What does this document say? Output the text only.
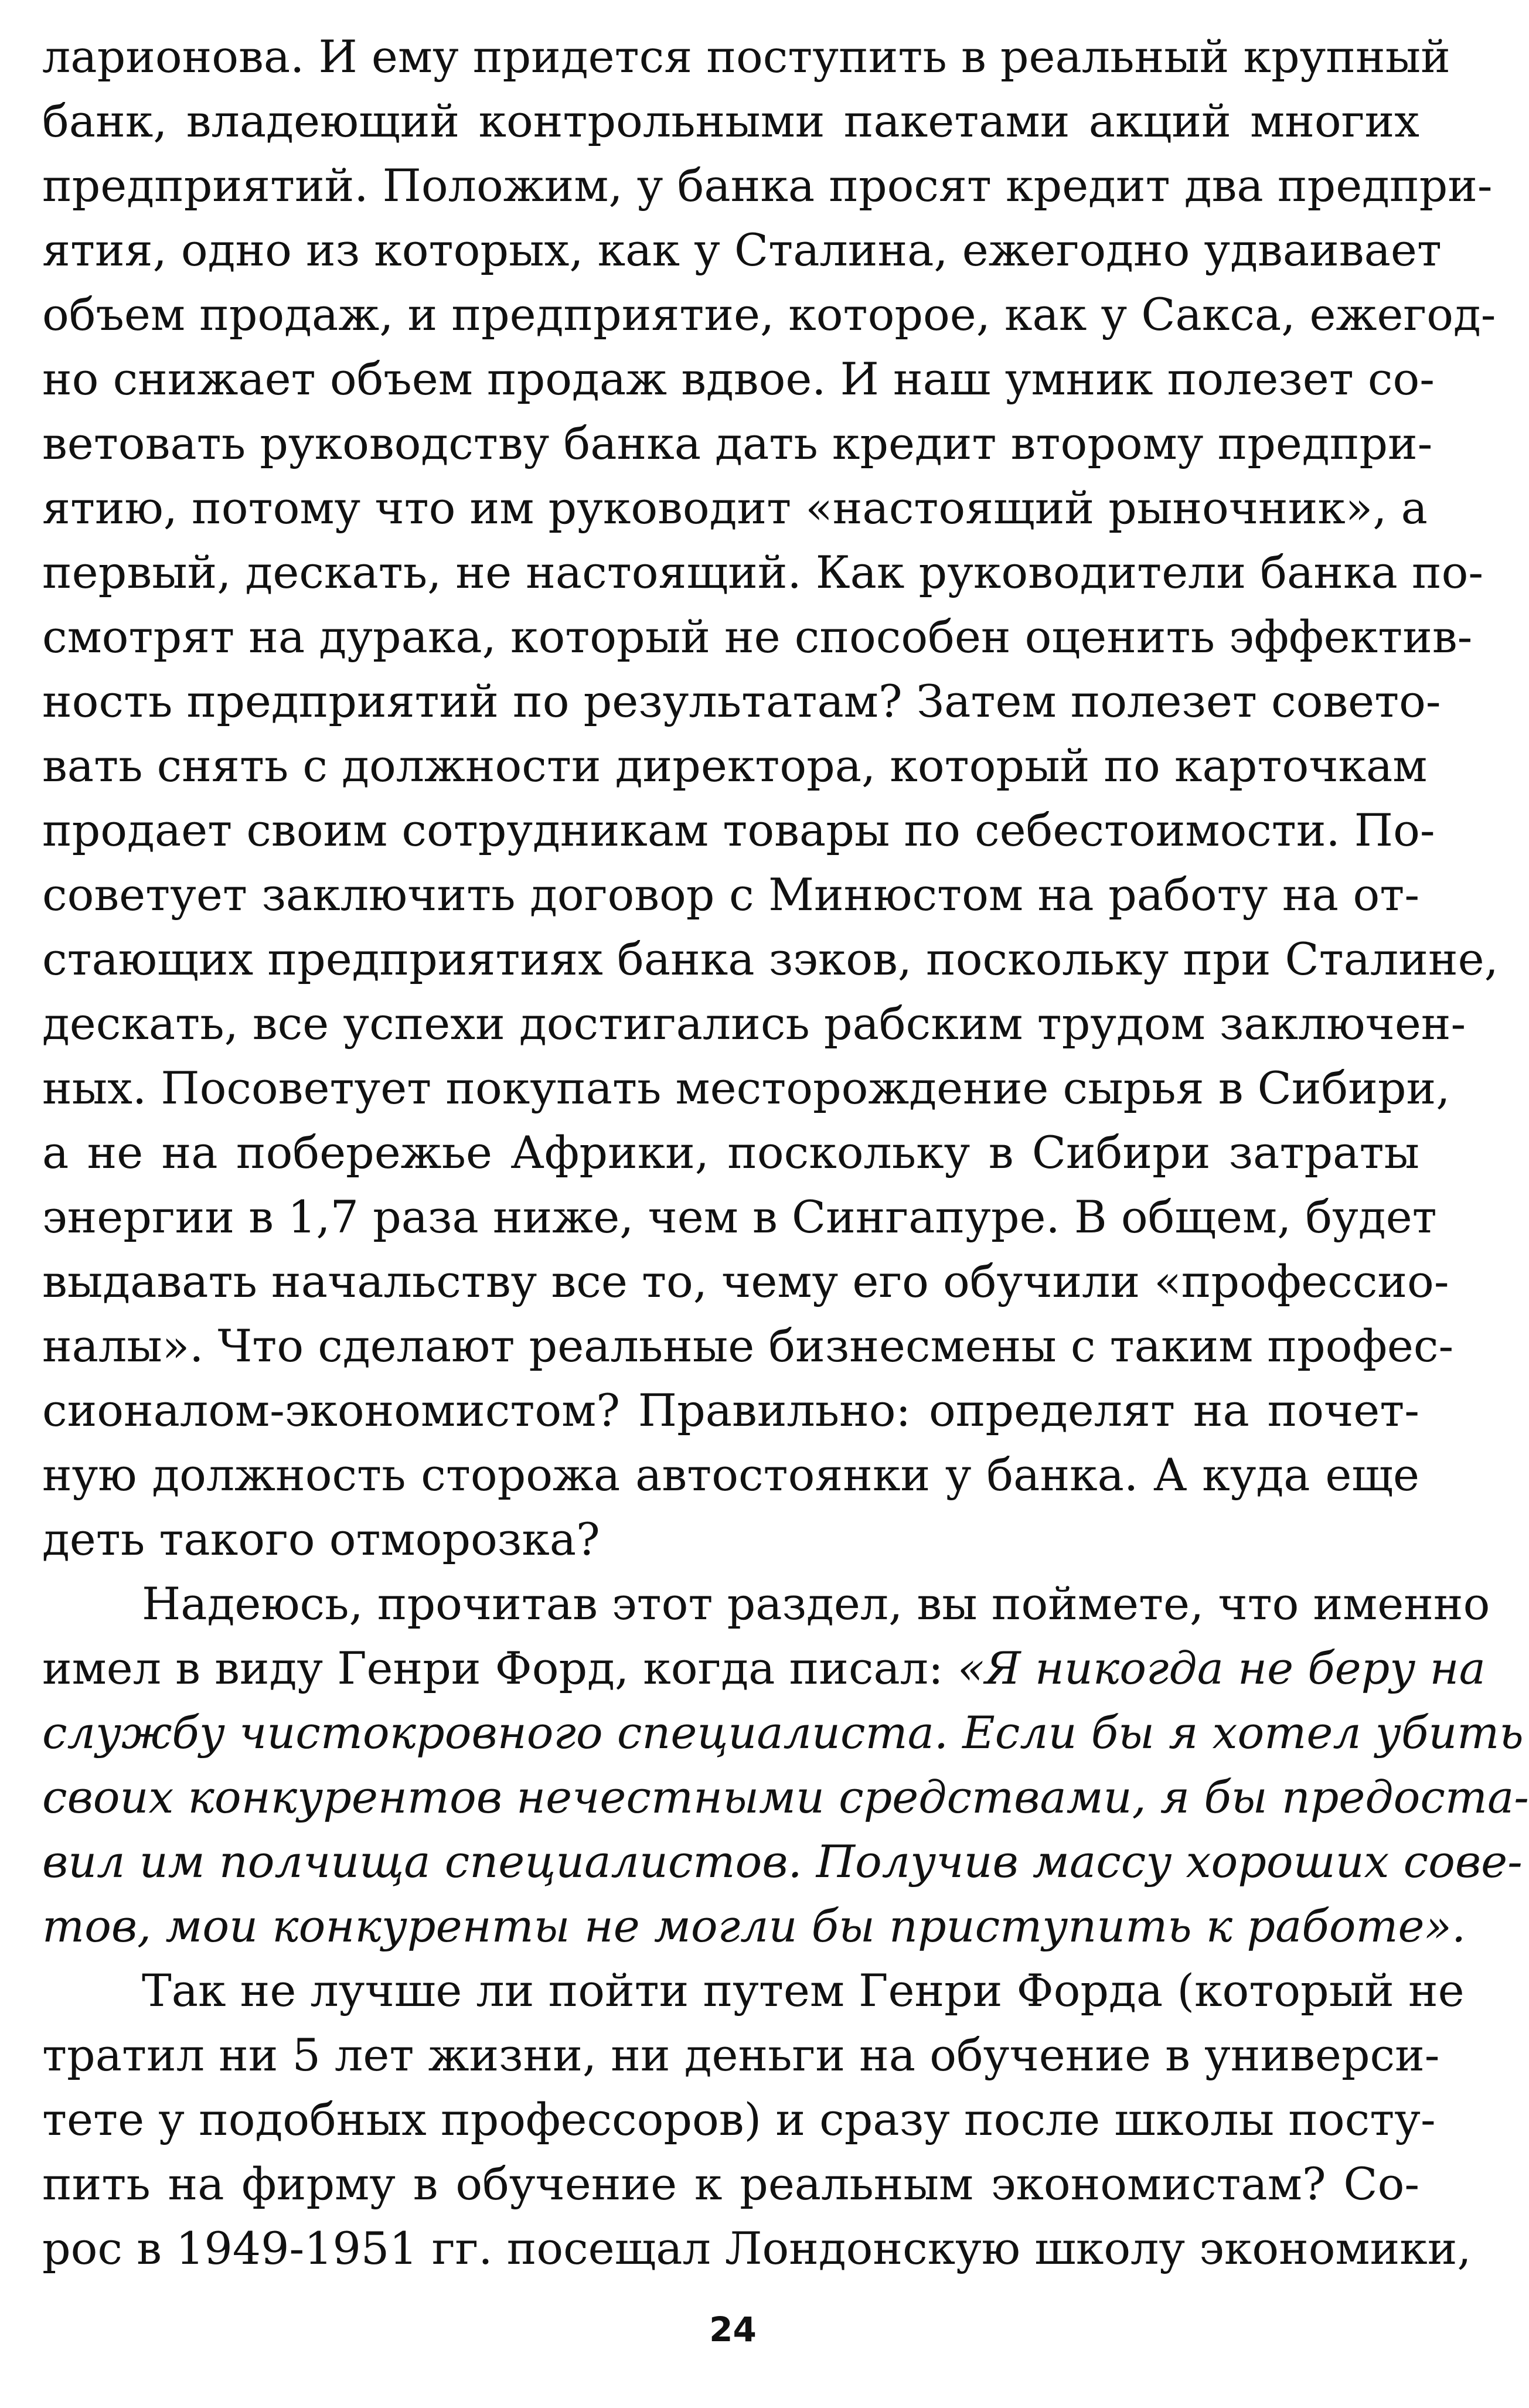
ларионова. И ему придется поступить в реальный крупный
банк, владеющий контрольными пакетами акций многих
предприятий. Положим, у банка просят кредит два предпри-
ятия, одно из которых, как у Сталина, ежегодно удваивает
объем продаж, и предприятие, которое, как у Сакса, ежегод-
но снижает объем продаж вдвое. И наш умник полезет со-
ветовать руководству банка дать кредит второму предпри-
ятию, потому что им руководит «настоящий рыночник», а
первый, дескать, не настоящий. Как руководители банка по-
смотрят на дурака, который не способен оценить эффектив-
ность предприятий по результатам? Затем полезет советo-
вать снять с должности директора, который по карточкам
продает своим сотрудникам товары по себестоимости. По-
советует заключить договор с Минюстом на работу на от-
стающих предприятиях банка зэков, поскольку при Сталине,
дескать, все успехи достигались рабским трудом заключен-
ных. Посоветует покупать месторождение сырья в Сибири,
а не на побережье Африки, поскольку в Сибири затраты
энергии в 1,7 раза ниже, чем в Сингапуре. В общем, будет
выдавать начальству все то, чему его обучили «профессио-
налы». Что сделают реальные бизнесмены с таким профес-
сионалом-экономистом? Правильно: определят на почет-
ную должность сторожа автостоянки у банка. А куда еще
деть такого отморозка?
Надеюсь, прочитав этот раздел, вы поймете, что именно
имел в виду Генри Форд, когда писал: «Я никогда не беру на
службу чистокровного специалиста. Если бы я хотел убить
своих конкурентов нечестными средствами, я бы предоста-
вил им полчища специалистов. Получив массу хороших сове-
тов, мои конкуренты не могли бы приступить к работе».
Так не лучше ли пойти путем Генри Форда (который не
тратил ни 5 лет жизни, ни деньги на обучение в универси-
тете у подобных профессоров) и сразу после школы посту-
пить на фирму в обучение к реальным экономистам? Со-
рос в 1949-1951 гг. посещал Лондонскую школу экономики,
24
